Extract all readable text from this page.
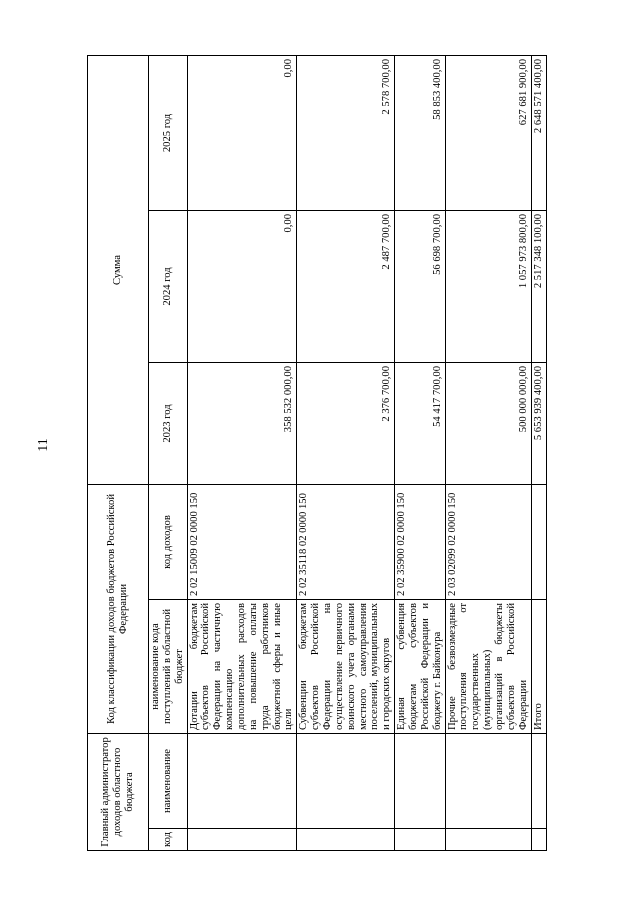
11
Главный администратор доходов областного бюджета		Код классификации доходов бюджетов Российской Федерации		Сумма		
код	наименование	наименование кода поступлений в областной бюджет	код доходов	2023 год	2024 год	2025 год
		Дотации бюджетам субъектов Российской Федерации на частичную компенсацию дополнительных расходов на повышение оплаты труда работников бюджетной сферы и иные цели	2 02 15009 02 0000 150	358 532 000,00	0,00	0,00
		Субвенции бюджетам субъектов Российской Федерации на осуществление первичного воинского учета органами местного самоуправления поселений, муниципальных и городских округов	2 02 35118 02 0000 150	2 376 700,00	2 487 700,00	2 578 700,00
		Единая субвенция бюджетам субъектов Российской Федерации и бюджету г. Байконура	2 02 35900 02 0000 150	54 417 700,00	56 698 700,00	58 853 400,00
		Прочие безвозмездные поступления от государственных (муниципальных) организаций в бюджеты субъектов Российской Федерации	2 03 02099 02 0000 150	500 000 000,00	1 057 973 800,00	627 681 900,00
		Итого		5 653 939 400,00	2 517 348 100,00	2 648 571 400,00
